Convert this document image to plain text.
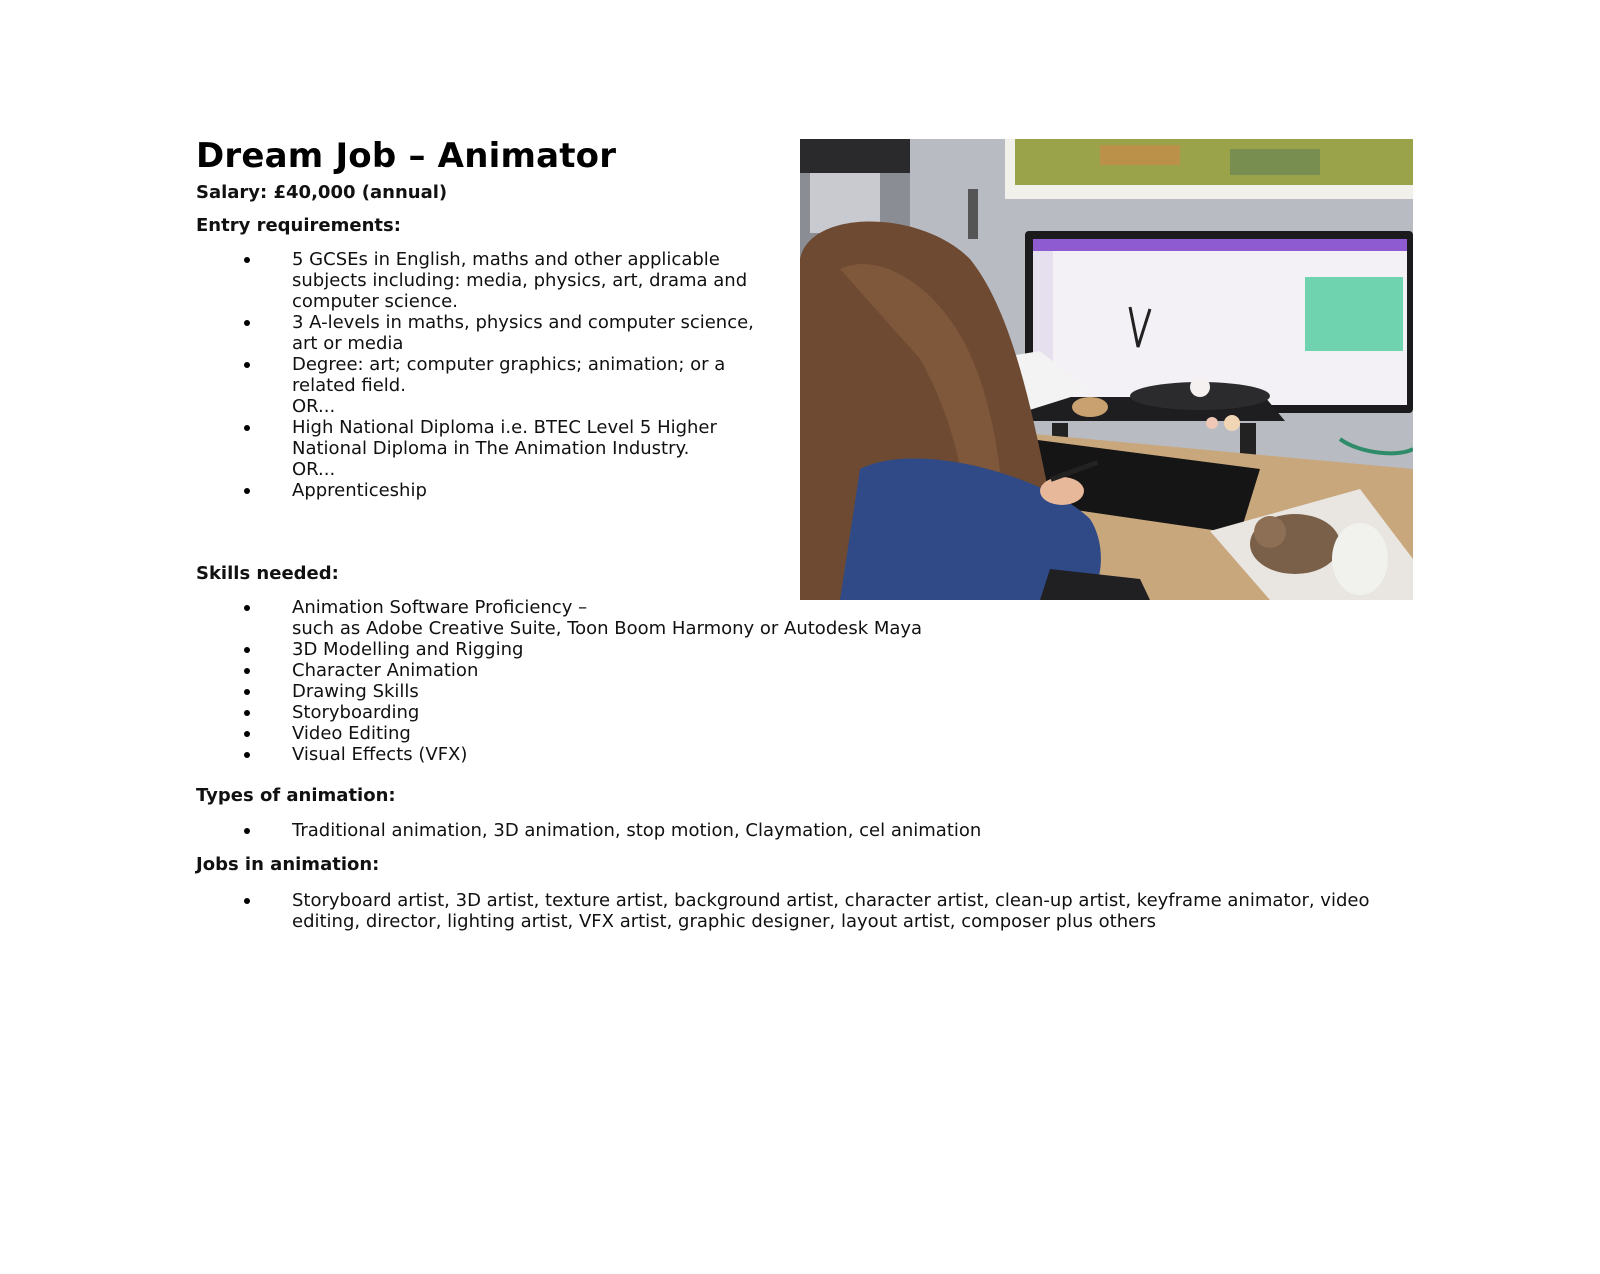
Dream Job – Animator

Salary: £40,000 (annual)

Entry requirements:

5 GCSEs in English, maths and other applicable subjects including: media, physics, art, drama and computer science.
3 A-levels in maths, physics and computer science, art or media
Degree: art; computer graphics; animation; or a related field.
OR...
High National Diploma i.e. BTEC Level 5 Higher National Diploma in The Animation Industry.
OR...
Apprenticeship

Skills needed:

Animation Software Proficiency –
such as Adobe Creative Suite, Toon Boom Harmony or Autodesk Maya
3D Modelling and Rigging
Character Animation
Drawing Skills
Storyboarding
Video Editing
Visual Effects (VFX)

Types of animation:

Traditional animation, 3D animation, stop motion, Claymation, cel animation

Jobs in animation:

Storyboard artist, 3D artist, texture artist, background artist, character artist, clean-up artist, keyframe animator, video editing, director, lighting artist, VFX artist, graphic designer, layout artist, composer plus others
